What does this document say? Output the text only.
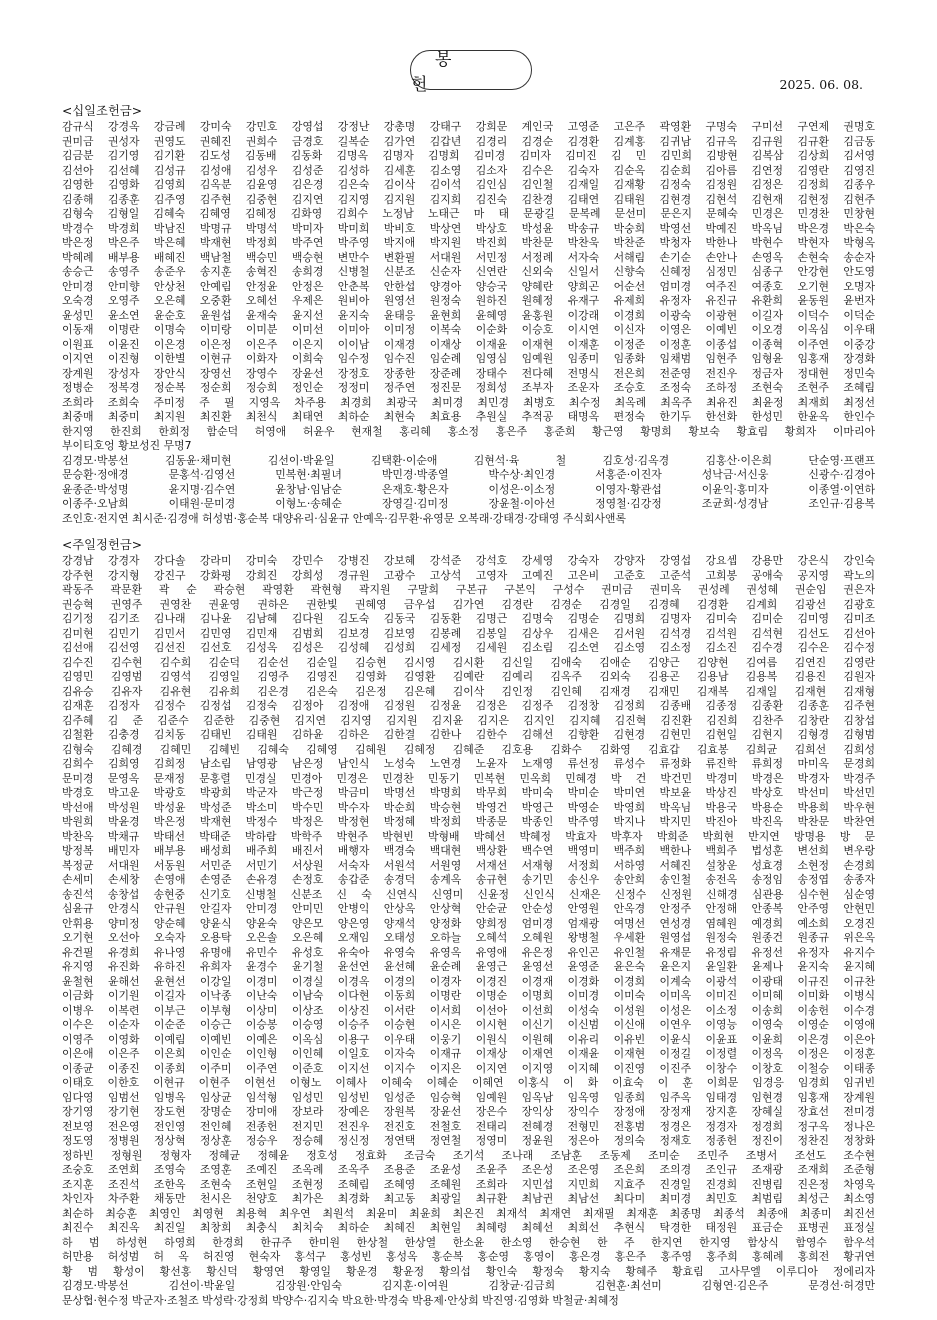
봉 헌	2025. 06. 08.
<십일조헌금>
감규식 강경옥 강금례 강미숙 강민호 강영섭 강정난 강총명 강태구 강희문 계인국 고영준 고은주 곽영환 구명숙 구미선 구연제 권명호
권미금 권성자 권영도 권혜진 권희수 금경호 길복순 김가연 김갑년 김경리 김경순 김경환 김계홍 김귀남 김규옥 김규원 김규환 김금동
김금분 김기영 김기환 김도성 김동배 김동화 김명옥 김명자 김명희 김미경 김미자 김미진 김 민 김민희 김방현 김복삼 김상희 김서영
김선아 김선혜 김성규 김성애 김성우 김성준 김성하 김세훈 김소영 김소자 김수은 김숙자 김순옥 김순희 김아름 김연정 김영란 김영진
김영한 김영화 김영희 김옥분 김윤영 김은경 김은숙 김이삭 김이석 김인심 김인철 김재일 김재황 김정숙 김정원 김정은 김정희 김종우
김종해 김종훈 김주영 김주현 김중현 김지연 김지영 김지원 김지희 김진숙 김찬경 김태연 김태원 김현경 김현석 김현재 김현정 김현주
김형숙 김형일 김혜숙 김혜영 김혜정 김화영 김희수 노정남 노태근 마 태 문광길 문복례 문선미 문은지 문혜숙 민경은 민경찬 민창현
박경수 박경희 박남진 박명규 박명석 박미자 박미희 박비호 박상연 박상호 박성윤 박송규 박숭희 박영선 박예진 박옥님 박은경 박은숙
박은정 박은주 박은혜 박재현 박정희 박주연 박주영 박지애 박지원 박진희 박찬문 박찬욱 박찬준 박청자 박한나 박현수 박현자 박형옥
박혜례 배부용 배혜진 백남철 백승민 백승현 변만수 변환필 서대원 서민정 서정례 서자숙 서해림 손기순 손안나 손영옥 손현숙 송순자
송승근 송영주 송준우 송지훈 송혁진 송희경 신병철 신분조 신순자 신연란 신외숙 신일서 신향숙 신혜정 심정민 심종구 안강현 안도영
안미경 안미향 안상천 안예림 안정윤 안정은 안춘복 안한섭 양경아 양승국 양혜란 양희곤 어순선 엄미경 여주진 여종호 오기현 오명자
오숙경 오영주 오은혜 오중환 오혜선 우제은 원비아 원영선 원정숙 원하진 원혜정 유재구 유제희 유정자 유진규 유환희 윤동원 윤번자
윤성민 윤소연 윤순호 윤원섭 윤재숙 윤지선 윤지숙 윤태응 윤현희 윤혜영 윤홍원 이강래 이경희 이광숙 이광현 이길자 이덕수 이덕순
이동재 이명란 이명숙 이미랑 이미분 이미선 이미아 이미정 이복숙 이순화 이승호 이시연 이신자 이영은 이예빈 이오경 이옥심 이우태
이원표 이윤진 이은경 이은정 이은주 이은지 이이남 이재경 이재상 이재윤 이재현 이재훈 이정준 이정훈 이종섭 이종혁 이주연 이중강
이지연 이진형 이한별 이현규 이화자 이희숙 임수정 임수진 임순례 임영심 임예원 임종미 임종화 임채범 임현주 임형윤 임홍재 장경화
장계원 장성자 장안식 장영선 장영수 장윤선 장정호 장종한 장준례 장태수 전다혜 전명식 전은희 전준영 전진우 정금자 정대현 정민숙
정병순 정복경 정순복 정순희 정승희 정인순 정정미 정주연 정진문 정희성 조부자 조운자 조승호 조정숙 조하정 조현숙 조현주 조혜림
조희라 조희숙 주미정 주 필 지영옥 차주용 최경희 최광국 최미경 최민경 최병호 최수정 최옥례 최옥주 최유진 최윤정 최재희 최정선
최중매 최중미 최지원 최진환 최천식 최태연 최하순 최현숙 최효용 추원실 추적공 태명옥 편정숙 한기두 한선화 한성민 한윤옥 한인수
한지영 한진희 한희정 함순덕 허영애 허윤우 현재철 홍리혜 홍소정 홍은주 홍준희 황근영 황명희 황보숙 황효림 황희자 이마리아
부이티호엉 황보성진 무명7
김경모·박봉선 김동윤·채미현 김선이·박윤일 김택환·이순애 김현석·육 철 김호성·김옥경 김홍산·이은희 단순영·프랜프
문승환·정애경 문홍석·김영선 민복현·최필녀 박민경·박종열 박수상·최인경 서홍준·이진자 성낙금·서신웅 신광수·김경아
윤종준·박성명 윤지명·김수연 윤창남·임남순 은재호·황은자 이성은·이소정 이영자·황관섭 이윤익·홍미자 이종열·이연하
이종주·오남희 이태원·문미경 이형노·송혜순 장영길·김미정 장윤철·이아선 정영철·김강정 조균희·성경남 조인규·김용복
조인호·전지연 최시준·김경애 허성범·홍순복 대양유리·심윤규 안예옥·김무환·유영문 오복래·강태경·강태영 주식회사앤록
<주일정헌금>
강경남 강경자 강다솔 강라미 강미숙 강민수 강병진 강보혜 강석준 강석호 강세영 강숙자 강양자 강영섭 강요셉 강용만 강은식 강인숙
강주현 강지형 강진구 강화평 강희진 강희성 경규원 고광수 고상석 고영자 고예진 고은비 고준호 고준석 고희봉 공애숙 공지영 곽노의
곽동주 곽문환 곽 순 곽승현 곽영환 곽현형 곽지원 구말희 구본규 구본익 구성수 권미금 권미옥 권성례 권성혜 권순임 권은자
권승혁 권영주 권영찬 권윤영 권하은 권한빛 권혜영 금우섭 김가연 김경란 김경순 김경일 김경혜 김경환 김계희 김광선 김광호
김기정 김기조 김나래 김나윤 김남혜 김다원 김도숙 김동국 김동환 김명근 김명숙 김명순 김명희 김명자 김미숙 김미순 김미영 김미조
김미현 김민기 김민서 김민영 김민재 김범희 김보경 김보영 김봉례 김봉일 김상우 김새은 김서원 김석경 김석원 김석현 김선도 김선아
김선애 김선영 김선진 김선호 김성옥 김성은 김성혜 김성희 김세정 김세원 김소림 김소연 김소영 김소정 김소진 김수경 김수은 김수정
김수진 김수현 김수희 김순덕 김순선 김순일 김승현 김시영 김시환 김신일 김애숙 김애순 김양근 김양현 김여름 김연진 김영란
김영민 김영범 김영석 김영일 김영주 김영진 김영화 김영환 김예란 김예리 김옥주 김외숙 김용곤 김용남 김용복 김용진 김원자
김유승 김유자 김유현 김유희 김은경 김은숙 김은정 김은혜 김이삭 김인정 김인혜 김재경 김재민 김재복 김재일 김재현 김재형
김재훈 김정자 김정수 김정섭 김정숙 김정아 김정애 김정원 김정윤 김정은 김정주 김정창 김정희 김종배 김종정 김종환 김종훈 김주현
김주혜 김 준 김준수 김준한 김중현 김지연 김지영 김지원 김지윤 김지은 김지인 김지혜 김진혁 김진환 김진희 김찬주 김창란 김창섭
김철환 김충경 김치동 김태빈 김태원 김하윤 김하은 김한결 김한나 김한수 김해선 김향환 김현경 김현민 김현일 김현지 김형경 김형범
김형숙 김혜경 김혜민 김혜빈 김혜숙 김혜영 김혜원 김혜정 김혜준 김호용 김화수 김화영 김효갑 김효봉 김희균 김희선 김희성
김희수 김희영 김희정 남소림 남영광 남은정 남인식 노성숙 노연경 노윤자 노재영 류선정 류성수 류정화 류진학 류희정 마미옥 문경희
문미경 문영옥 문재정 문홍렬 민경실 민경아 민경은 민경찬 민동기 민복현 민옥희 민혜경 박 건 박건민 박경미 박경은 박경자 박경주
박경호 박고운 박광호 박광희 박군자 박근정 박금미 박명선 박명희 박무희 박미숙 박미순 박미연 박보윤 박상진 박상호 박선미 박선민
박선애 박성원 박성윤 박성준 박소미 박수민 박수자 박순희 박승현 박영건 박영근 박영순 박영희 박옥님 박용국 박용순 박용희 박우현
박원희 박윤경 박은정 박재현 박정수 박정은 박정현 박정혜 박정희 박종문 박종인 박주영 박지나 박지민 박진아 박진옥 박찬문 박찬연
박찬옥 박채규 박태선 박태준 박하람 박학주 박현주 박현빈 박형배 박혜선 박혜정 박효자 박후자 박희준 박희현 반지연 방명용 방 문
방정복 배민자 배부용 배성희 배주희 배진서 배행자 백경숙 백대현 백상환 백수연 백영미 백주희 백한나 백희주 법성훈 변선희 변우랑
복정균 서대원 서동원 서민준 서민기 서상원 서숙자 서원석 서원영 서재선 서재형 서정희 서하영 서혜진 설창운 성효경 소현정 손경희
손세미 손세창 손영애 손영준 손유경 손정호 송갑준 송경덕 송계옥 송규현 송기민 송신우 송안희 송인철 송전옥 송정임 송정엽 송종자
송진석 송창섭 송현중 신기호 신병철 신분조 신 숙 신연식 신영미 신윤정 신인식 신재은 신정수 신정원 신해경 심관용 심수현 심순영
심윤규 안경식 안규원 안길자 안미경 안미민 안병익 안상옥 안상혁 안순균 안순성 안영원 안옥경 안정주 안정해 안종복 안주영 안현민
안휘용 양미정 양순혜 양윤식 양윤숙 양은모 양은영 양재석 양정화 양희정 엄미경 엄재광 여명선 연성경 염혜원 예경희 예소희 오경진
오기현 오선아 오숙자 오용탁 오은솔 오은혜 오재임 오태성 오하늘 오혜석 오혜원 왕병철 우세환 원영섭 원정숙 원종건 원종규 위은옥
유건필 유경희 유나영 유명애 유민수 유성호 유숙아 유영숙 유영옥 유영애 유은정 유인곤 유인철 유재문 유정림 유정선 유정자 유지수
유지영 유진화 유하진 유희자 윤경수 윤기철 윤선연 윤선혜 윤순례 윤영근 윤영선 윤영준 윤은숙 윤은지 윤일환 윤제나 윤지숙 윤지혜
윤철현 윤해선 윤현선 이강일 이경미 이경실 이경옥 이경의 이경자 이경진 이경재 이경화 이경희 이계숙 이광석 이광태 이규진 이규찬
이금화 이기원 이길자 이낙종 이난숙 이남숙 이다현 이동희 이명란 이명순 이명희 이미경 이미숙 이미옥 이미진 이미혜 이미화 이병식
이병우 이복련 이부근 이부형 이상미 이상조 이상진 이서란 이서희 이선아 이선희 이성숙 이성원 이성은 이소정 이송희 이송헌 이수경
이수은 이순자 이순준 이승근 이승봉 이승영 이승주 이승현 이시은 이시현 이신기 이신범 이신애 이연우 이영능 이영숙 이영순 이영애
이영주 이영화 이예림 이예빈 이예은 이옥심 이용구 이우태 이웅기 이원식 이원혜 이유리 이유빈 이윤식 이윤표 이윤희 이은경 이은아
이은애 이은주 이은희 이인순 이인형 이인혜 이일호 이자숙 이재규 이재상 이재연 이재윤 이재현 이정길 이정렬 이정옥 이정은 이정훈
이종균 이종진 이종희 이주미 이주연 이준호 이지선 이지수 이지은 이지연 이지영 이지혜 이진영 이진주 이창수 이창호 이철승 이태종
이태호 이한호 이현규 이현주 이현선 이형노 이혜사 이혜숙 이혜순 이혜연 이홍식 이 화 이효숙 이 훈 이희문 임경응 임경희 임귀빈
임다영 임범선 임병옥 임상균 임석형 임성민 임성빈 임성준 임승혁 임예원 임옥남 임옥영 임종희 임주옥 임태경 임현경 임홍재 장계원
장기영 장기현 장도현 장명순 장미애 장보라 장예은 장원복 장윤선 장은수 장익상 장익수 장정애 장정재 장지훈 장혜실 장효선 전미경
전보영 전은영 전인영 전인혜 전종헌 전지민 전진우 전진호 전철호 전태리 전혜경 전형민 전홍범 정경은 정경자 정경희 정구옥 정나은
정도영 정병원 정상혁 정상훈 정승우 정승혜 정신정 정연택 정연철 정영미 정윤원 정은아 정의숙 정재호 정종헌 정진이 정찬진 정창화
정하빈 정형원 정형자 정혜균 정혜윤 정호성 정효화 조금숙 조기석 조나래 조남훈 조동제 조미순 조민주 조병서 조선도 조수현
조숭호 조연희 조영숙 조영훈 조예진 조옥례 조옥주 조용준 조윤성 조윤주 조은성 조은영 조은희 조의경 조인규 조재광 조재희 조준형
조지훈 조진석 조한옥 조현숙 조현일 조현정 조혜림 조혜영 조혜원 조희라 지민섭 지민희 지효주 진경일 진경희 진병림 진은정 차영욱
차인자 차주환 채동만 천시은 천양호 최가은 최경화 최고동 최광일 최규환 최남귄 최남선 최다미 최미경 최민호 최범림 최성근 최소영
최순하 최승훈 최영인 최영현 최용혁 최우연 최원석 최윤미 최윤희 최은진 최재석 최재연 최재필 최재훈 최종명 최종석 최종애 최종미 최진선
최진수 최진옥 최진일 최창희 최충식 최치숙 최하순 최혜진 최현일 최혜령 최혜선 최희선 추현식 탁경한 태정원 표금순 표병권 표정실
하 범 하성현 하영희 한경희 한규주 한미원 한상철 한상열 한소윤 한소영 한승현 한 주 한지연 한지영 함상식 함영수 함우석
허만용 허성범 허 옥 허진영 현숙자 홍석구 홍성빈 홍성옥 홍순복 홍순영 홍영이 홍은경 홍은주 홍주영 홍주희 홍혜례 홍희전 황귀연
황 범 황성이 황선홍 황신덕 황영연 황영일 황운경 황윤정 황의섭 황인숙 황정숙 황지숙 황혜주 황효림 고사무엘 이루디아 정에리자
김경모·박봉선 김선이·박윤일 김장원·안임숙 김지훈·이여원 김창균·김금희 김현훈·최선미 김형연·김은주 문경선·허경만
문상협·현수정 박군자·조철조 박성락·강정희 박양수·김지숙 박요한·박경숙 박용제·안상희 박진영·김영화 박철균·최혜정
